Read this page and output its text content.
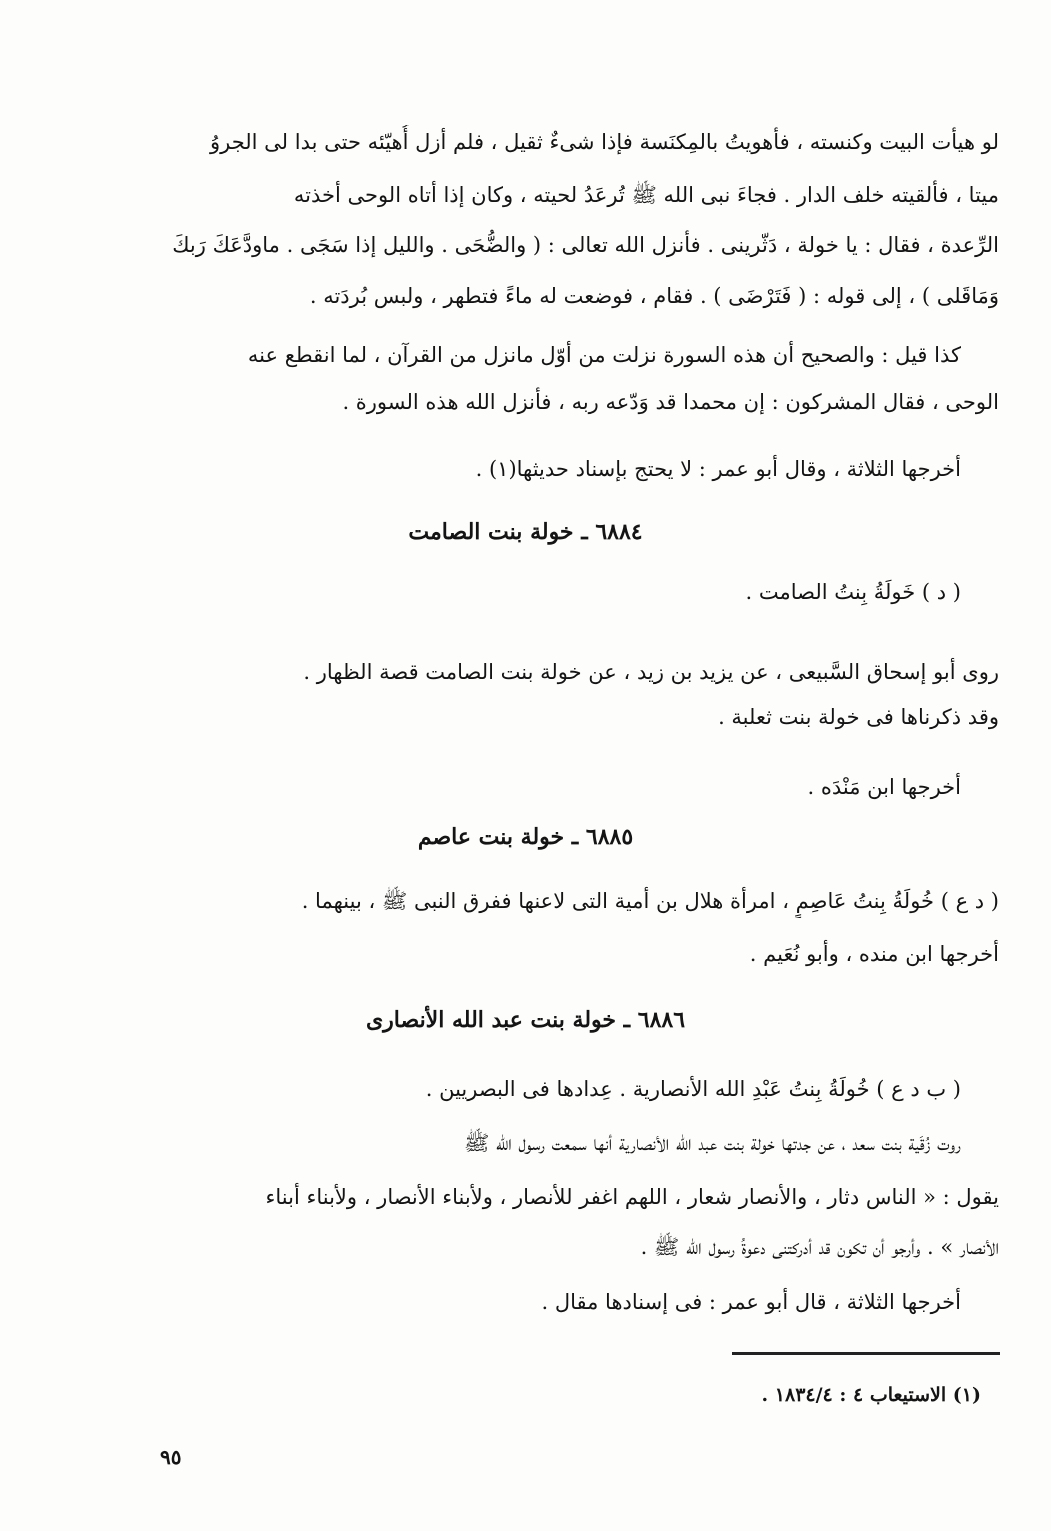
لو هيأت البيت وكنسته ، فأهويتُ بالمِكنَسة فإذا شىءٌ ثقيل ، فلم أزل أُهيّئه حتى بدا لى الجروُ
ميتا ، فألقيته خلف الدار . فجاءَ نبى الله ﷺ تُرعَدُ لحيته ، وكان إذا أتاه الوحى أخذته
الرِّعدة ، فقال : يا خولة ، دَثّرينى . فأنزل الله تعالى : ( والضُّحَى . والليل إذا سَجَى . ماودَّعَكَ رَبكَ
وَمَاقَلى ) ، إلى قوله : ( فَتَرْضَى ) . فقام ، فوضعت له ماءً فتطهر ، ولبس بُردَته .
كذا قيل : والصحيح أن هذه السورة نزلت من أوّل مانزل من القرآن ، لما انقطع عنه
الوحى ، فقال المشركون : إن محمدا قد وَدّعه ربه ، فأنزل الله هذه السورة .
أخرجها الثلاثة ، وقال أبو عمر : لا يحتج بإسناد حديثها(١) .
٦٨٨٤ ـ خولة بنت الصامت
( د ) خَولَةُ بِنتُ الصامت .
روى أبو إسحاق السَّبيعى ، عن يزيد بن زيد ، عن خولة بنت الصامت قصة الظهار .
وقد ذكرناها فى خولة بنت ثعلبة .
أخرجها ابن مَنْدَه .
٦٨٨٥ ـ خولة بنت عاصم
( د ع ) خُولَةُ بِنتُ عَاصِمٍ ، امرأة هلال بن أمية التى لاعنها ففرق النبى ﷺ ، بينهما .
أخرجها ابن منده ، وأبو نُعَيم .
٦٨٨٦ ـ خولة بنت عبد الله الأنصارى
( ب د ع ) خُولَةُ بِنتُ عَبْدِ الله الأنصارية . عِدادها فى البصريين .
روت زُقَية بنت سعد ، عن جدتها خولة بنت عبد الله الأنصارية أنها سمعت رسول الله ﷺ
يقول : « الناس دثار ، والأنصار شعار ، اللهم اغفر للأنصار ، ولأبناء الأنصار ، ولأبناء أبناء
الأنصار » . وأرجو أن تكون قد أدركتنى دعوةُ رسول الله ﷺ .
أخرجها الثلاثة ، قال أبو عمر : فى إسنادها مقال .
(١) الاستيعاب ٤ : ١٨٣٤/٤ .
٩٥
